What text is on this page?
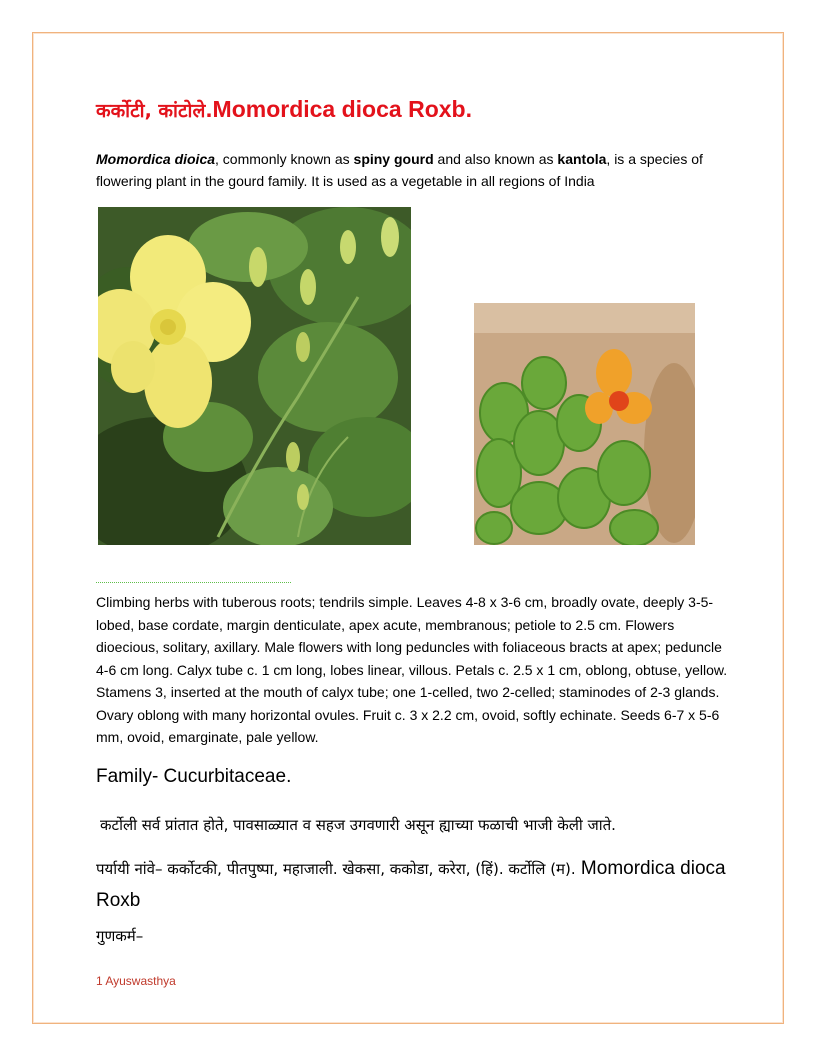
कर्कोटी, कांटोले.Momordica dioca Roxb.
Momordica dioica, commonly known as spiny gourd and also known as kantola, is a species of flowering plant in the gourd family. It is used as a vegetable in all regions of India
Climbing herbs with tuberous roots; tendrils simple. Leaves 4-8 x 3-6 cm, broadly ovate, deeply 3-5-lobed, base cordate, margin denticulate, apex acute, membranous; petiole to 2.5 cm. Flowers dioecious, solitary, axillary. Male flowers with long peduncles with foliaceous bracts at apex; peduncle 4-6 cm long. Calyx tube c. 1 cm long, lobes linear, villous. Petals c. 2.5 x 1 cm, oblong, obtuse, yellow. Stamens 3, inserted at the mouth of calyx tube; one 1-celled, two 2-celled; staminodes of 2-3 glands. Ovary oblong with many horizontal ovules. Fruit c. 3 x 2.2 cm, ovoid, softly echinate. Seeds 6-7 x 5-6 mm, ovoid, emarginate, pale yellow.
Family- Cucurbitaceae.
कर्टोली सर्व प्रांतात होते, पावसाळ्यात व सहज उगवणारी असून ह्याच्या फळाची भाजी केली जाते.
पर्यायी नांवे– कर्कोटकी, पीतपुष्पा, महाजाली. खेकसा, ककोडा, करेरा, (हिं). कर्टोलि (म). Momordica dioca Roxb
गुणकर्म–
1 Ayuswasthya
